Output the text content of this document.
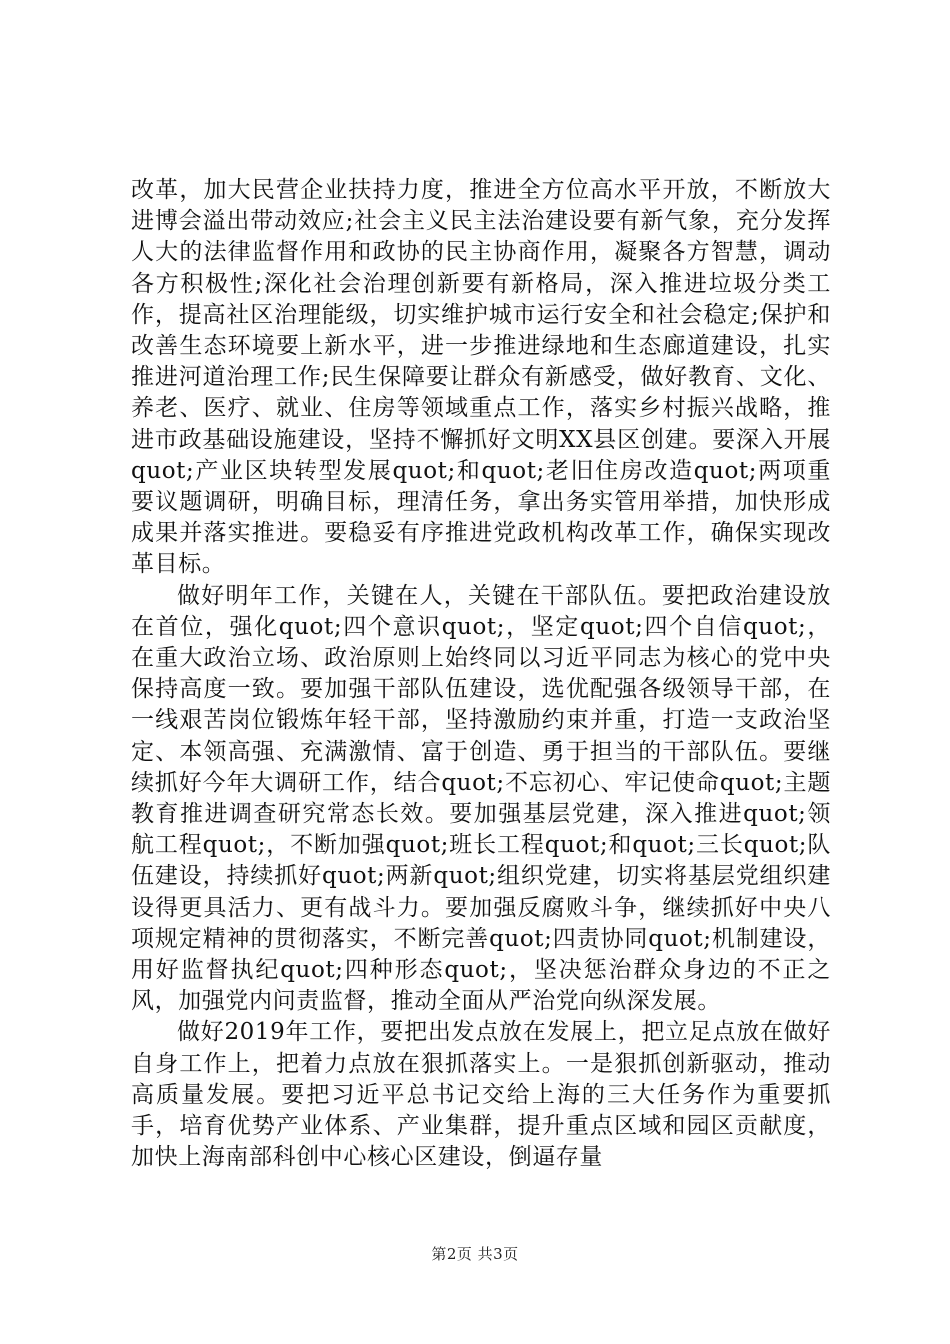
改革，加大民营企业扶持力度，推进全方位高水平开放，不断放大进博会溢出带动效应;社会主义民主法治建设要有新气象，充分发挥人大的法律监督作用和政协的民主协商作用，凝聚各方智慧，调动各方积极性;深化社会治理创新要有新格局，深入推进垃圾分类工作，提高社区治理能级，切实维护城市运行安全和社会稳定;保护和改善生态环境要上新水平，进一步推进绿地和生态廊道建设，扎实推进河道治理工作;民生保障要让群众有新感受，做好教育、文化、养老、医疗、就业、住房等领域重点工作，落实乡村振兴战略，推进市政基础设施建设，坚持不懈抓好文明XX县区创建。要深入开展quot;产业区块转型发展quot;和quot;老旧住房改造quot;两项重要议题调研，明确目标，理清任务，拿出务实管用举措，加快形成成果并落实推进。要稳妥有序推进党政机构改革工作，确保实现改革目标。

做好明年工作，关键在人，关键在干部队伍。要把政治建设放在首位，强化quot;四个意识quot;，坚定quot;四个自信quot;，在重大政治立场、政治原则上始终同以习近平同志为核心的党中央保持高度一致。要加强干部队伍建设，选优配强各级领导干部，在一线艰苦岗位锻炼年轻干部，坚持激励约束并重，打造一支政治坚定、本领高强、充满激情、富于创造、勇于担当的干部队伍。要继续抓好今年大调研工作，结合quot;不忘初心、牢记使命quot;主题教育推进调查研究常态长效。要加强基层党建，深入推进quot;领航工程quot;，不断加强quot;班长工程quot;和quot;三长quot;队伍建设，持续抓好quot;两新quot;组织党建，切实将基层党组织建设得更具活力、更有战斗力。要加强反腐败斗争，继续抓好中央八项规定精神的贯彻落实，不断完善quot;四责协同quot;机制建设，用好监督执纪quot;四种形态quot;，坚决惩治群众身边的不正之风，加强党内问责监督，推动全面从严治党向纵深发展。

做好2019年工作，要把出发点放在发展上，把立足点放在做好自身工作上，把着力点放在狠抓落实上。一是狠抓创新驱动，推动高质量发展。要把习近平总书记交给上海的三大任务作为重要抓手，培育优势产业体系、产业集群，提升重点区域和园区贡献度，加快上海南部科创中心核心区建设，倒逼存量

第2页 共3页
